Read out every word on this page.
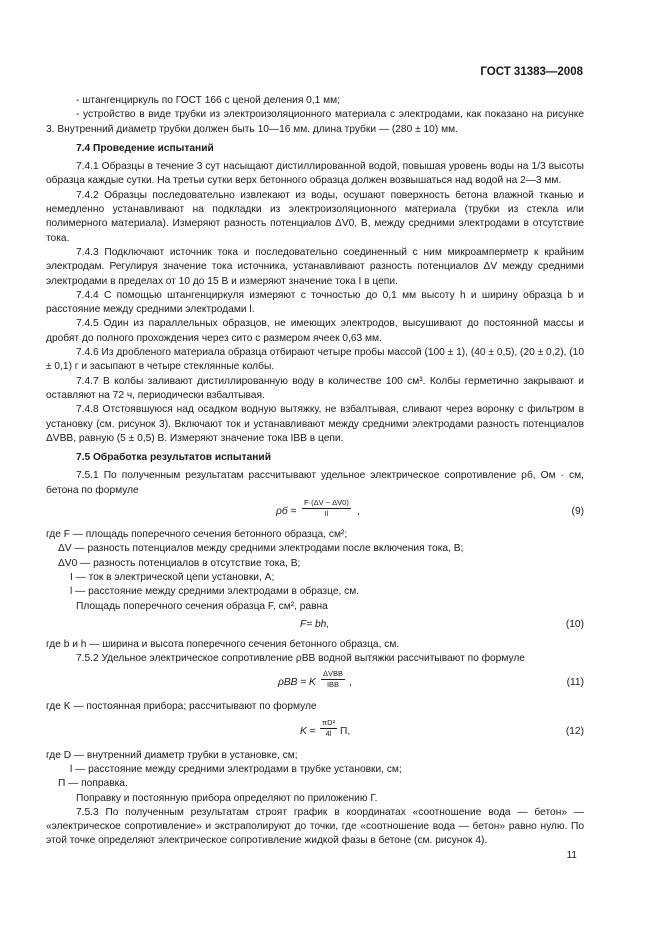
ГОСТ 31383—2008

- штангенциркуль по ГОСТ 166 с ценой деления 0,1 мм;

- устройство в виде трубки из электроизоляционного материала с электродами, как показано на рисунке 3. Внутренний диаметр трубки должен быть 10—16 мм. длина трубки — (280 ± 10) мм.

7.4 Проведение испытаний

7.4.1 Образцы в течение 3 сут насыщают дистиллированной водой, повышая уровень воды на 1/3 высоты образца каждые сутки. На третьи сутки верх бетонного образца должен возвышаться над водой на 2—3 мм.

7.4.2 Образцы последовательно извлекают из воды, осушают поверхность бетона влажной тканью и немедленно устанавливают на подкладки из электроизоляционного материала (трубки из стекла или полимерного материала). Измеряют разность потенциалов ΔV0, В, между средними электродами в отсутствие тока.

7.4.3 Подключают источник тока и последовательно соединенный с ним микроамперметр к крайним электродам. Регулируя значение тока источника, устанавливают разность потенциалов ΔV между средними электродами в пределах от 10 до 15 В и измеряют значение тока I в цепи.

7.4.4 С помощью штангенциркуля измеряют с точностью до 0,1 мм высоту h и ширину образца b и расстояние между средними электродами l.

7.4.5 Один из параллельных образцов, не имеющих электродов, высушивают до постоянной массы и дробят до полного прохождения через сито с размером ячеек 0,63 мм.

7.4.6 Из дробленого материала образца отбирают четыре пробы массой (100 ± 1), (40 ± 0,5), (20 ± 0,2), (10 ± 0,1) г и засыпают в четыре стеклянные колбы.

7.4.7 В колбы заливают дистиллированную воду в количестве 100 см³. Колбы герметично закрывают и оставляют на 72 ч, периодически взбалтывая.

7.4.8 Отстоявшуюся над осадком водную вытяжку, не взбалтывая, сливают через воронку с фильтром в установку (см. рисунок 3). Включают ток и устанавливают между средними электродами разность потенциалов ΔVВВ, равную (5 ± 0,5) В. Измеряют значение тока IВВ в цепи.

7.5 Обработка результатов испытаний

7.5.1 По полученным результатам рассчитывают удельное электрическое сопротивление ρб, Ом · см, бетона по формуле

$\rho б = \frac{F\cdot(\Delta V - \Delta V0)}{Il}$ ,	(9)

где F — площадь поперечного сечения бетонного образца, см²;

ΔV — разность потенциалов между средними электродами после включения тока, В;

ΔV0 — разность потенциалов в отсутствие тока, В;

I — ток в электрической цепи установки, А;

l — расстояние между средними электродами в образце, см.

Площадь поперечного сечения образца F, см², равна

F= bh,	(10)

где b и h — ширина и высота поперечного сечения бетонного образца, см.

7.5.2 Удельное электрическое сопротивление ρВВ водной вытяжки рассчитывают по формуле

ρВВ = K
ΔVВВ
IВВ ,	(11)

где K — постоянная прибора; рассчитывают по формуле

$K = \frac{\text{πD²}}{4l} П$,	(12)

где D — внутренний диаметр трубки в установке, см;

l — расстояние между средними электродами в трубке установки, см;

П — поправка.

Поправку и постоянную прибора определяют по приложению Г.

7.5.3 По полученным результатам строят график в координатах «соотношение вода — бетон» — «электрическое сопротивление» и экстраполируют до точки, где «соотношение вода — бетон» равно нулю. По этой точке определяют электрическое сопротивление жидкой фазы в бетоне (см. рисунок 4).

11
